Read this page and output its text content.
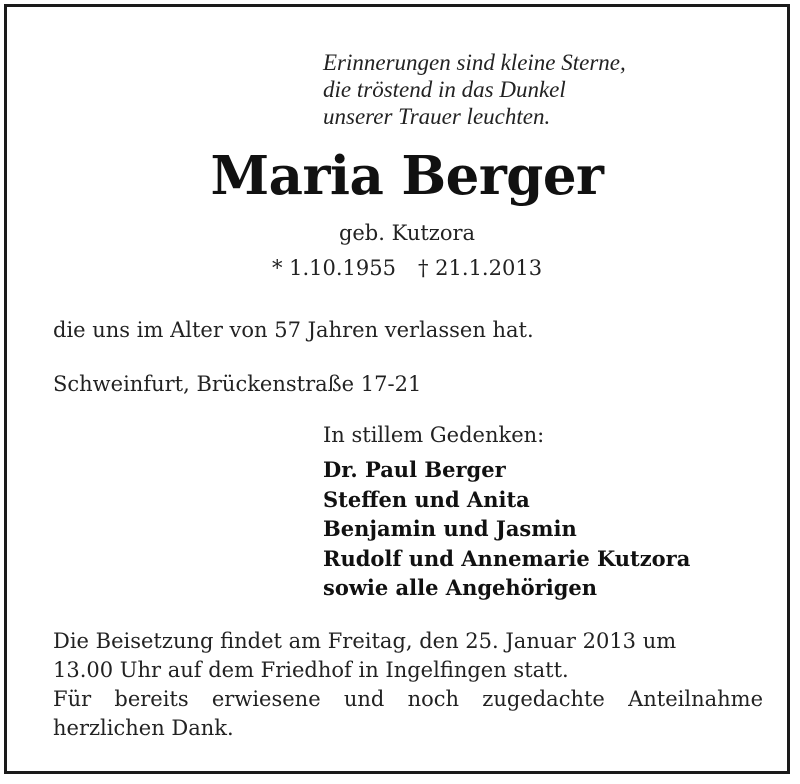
Erinnerungen sind kleine Sterne,
die tröstend in das Dunkel
unserer Trauer leuchten.
Maria Berger
geb. Kutzora
* 1.10.1955 † 21.1.2013
die uns im Alter von 57 Jahren verlassen hat.
Schweinfurt, Brückenstraße 17-21
In stillem Gedenken:
Dr. Paul Berger
Steffen und Anita
Benjamin und Jasmin
Rudolf und Annemarie Kutzora
sowie alle Angehörigen
Die Beisetzung findet am Freitag, den 25. Januar 2013 um
13.00 Uhr auf dem Friedhof in Ingelfingen statt.
Für bereits erwiesene und noch zugedachte Anteilnahme
herzlichen Dank.
